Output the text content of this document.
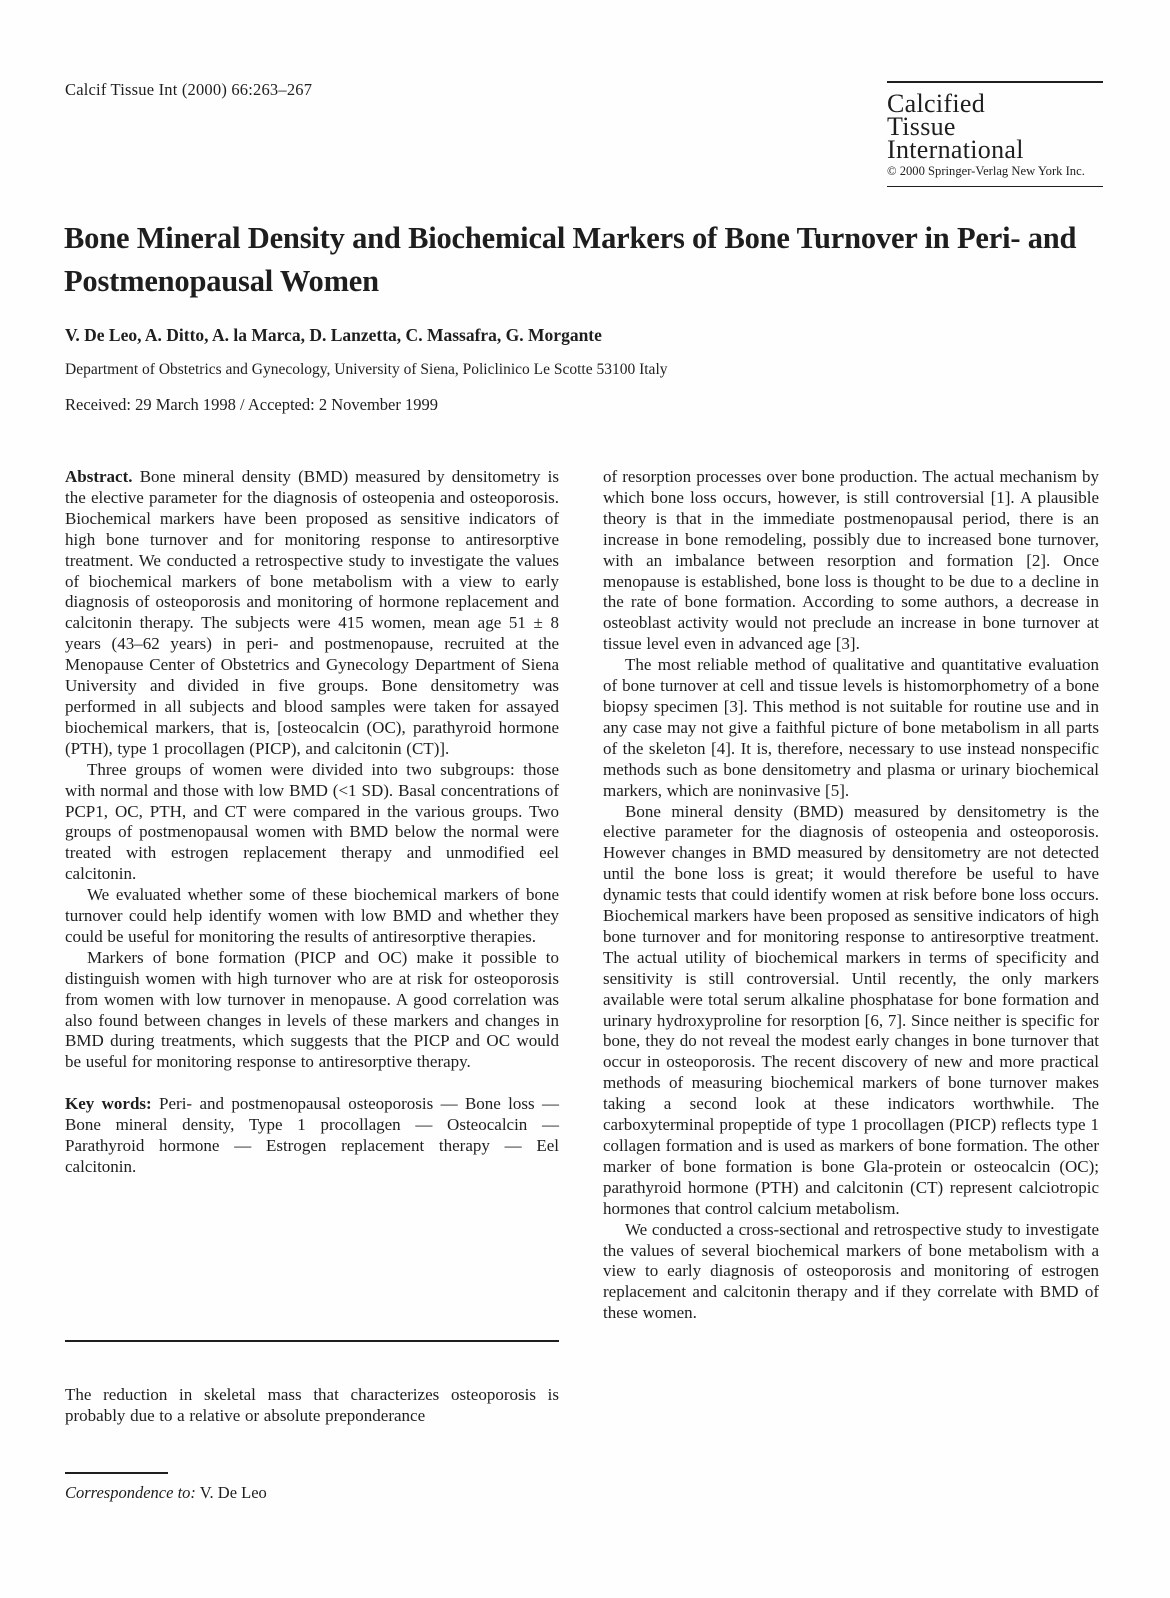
Calcif Tissue Int (2000) 66:263–267	Calcified
Tissue
International
© 2000 Springer-Verlag New York Inc.
Bone Mineral Density and Biochemical Markers of Bone Turnover in Peri- and Postmenopausal Women
V. De Leo, A. Ditto, A. la Marca, D. Lanzetta, C. Massafra, G. Morgante
Department of Obstetrics and Gynecology, University of Siena, Policlinico Le Scotte 53100 Italy
Received: 29 March 1998 / Accepted: 2 November 1999

Abstract. Bone mineral density (BMD) measured by densitometry is the elective parameter for the diagnosis of osteopenia and osteoporosis. Biochemical markers have been proposed as sensitive indicators of high bone turnover and for monitoring response to antiresorptive treatment. We conducted a retrospective study to investigate the values of biochemical markers of bone metabolism with a view to early diagnosis of osteoporosis and monitoring of hormone replacement and calcitonin therapy. The subjects were 415 women, mean age 51 ± 8 years (43–62 years) in peri- and postmenopause, recruited at the Menopause Center of Obstetrics and Gynecology Department of Siena University and divided in five groups. Bone densitometry was performed in all subjects and blood samples were taken for assayed biochemical markers, that is, [osteocalcin (OC), parathyroid hormone (PTH), type 1 procollagen (PICP), and calcitonin (CT)].

Three groups of women were divided into two subgroups: those with normal and those with low BMD (<1 SD). Basal concentrations of PCP1, OC, PTH, and CT were compared in the various groups. Two groups of postmenopausal women with BMD below the normal were treated with estrogen replacement therapy and unmodified eel calcitonin.

We evaluated whether some of these biochemical markers of bone turnover could help identify women with low BMD and whether they could be useful for monitoring the results of antiresorptive therapies.

Markers of bone formation (PICP and OC) make it possible to distinguish women with high turnover who are at risk for osteoporosis from women with low turnover in menopause. A good correlation was also found between changes in levels of these markers and changes in BMD during treatments, which suggests that the PICP and OC would be useful for monitoring response to antiresorptive therapy.

Key words: Peri- and postmenopausal osteoporosis — Bone loss — Bone mineral density, Type 1 procollagen — Osteocalcin — Parathyroid hormone — Estrogen replacement therapy — Eel calcitonin.

The reduction in skeletal mass that characterizes osteoporosis is probably due to a relative or absolute preponderance

Correspondence to: V. De Leo

of resorption processes over bone production. The actual mechanism by which bone loss occurs, however, is still controversial [1]. A plausible theory is that in the immediate postmenopausal period, there is an increase in bone remodeling, possibly due to increased bone turnover, with an imbalance between resorption and formation [2]. Once menopause is established, bone loss is thought to be due to a decline in the rate of bone formation. According to some authors, a decrease in osteoblast activity would not preclude an increase in bone turnover at tissue level even in advanced age [3].

The most reliable method of qualitative and quantitative evaluation of bone turnover at cell and tissue levels is histomorphometry of a bone biopsy specimen [3]. This method is not suitable for routine use and in any case may not give a faithful picture of bone metabolism in all parts of the skeleton [4]. It is, therefore, necessary to use instead nonspecific methods such as bone densitometry and plasma or urinary biochemical markers, which are noninvasive [5].

Bone mineral density (BMD) measured by densitometry is the elective parameter for the diagnosis of osteopenia and osteoporosis. However changes in BMD measured by densitometry are not detected until the bone loss is great; it would therefore be useful to have dynamic tests that could identify women at risk before bone loss occurs. Biochemical markers have been proposed as sensitive indicators of high bone turnover and for monitoring response to antiresorptive treatment. The actual utility of biochemical markers in terms of specificity and sensitivity is still controversial. Until recently, the only markers available were total serum alkaline phosphatase for bone formation and urinary hydroxyproline for resorption [6, 7]. Since neither is specific for bone, they do not reveal the modest early changes in bone turnover that occur in osteoporosis. The recent discovery of new and more practical methods of measuring biochemical markers of bone turnover makes taking a second look at these indicators worthwhile. The carboxyterminal propeptide of type 1 procollagen (PICP) reflects type 1 collagen formation and is used as markers of bone formation. The other marker of bone formation is bone Gla-protein or osteocalcin (OC); parathyroid hormone (PTH) and calcitonin (CT) represent calciotropic hormones that control calcium metabolism.

We conducted a cross-sectional and retrospective study to investigate the values of several biochemical markers of bone metabolism with a view to early diagnosis of osteoporosis and monitoring of estrogen replacement and calcitonin therapy and if they correlate with BMD of these women.
